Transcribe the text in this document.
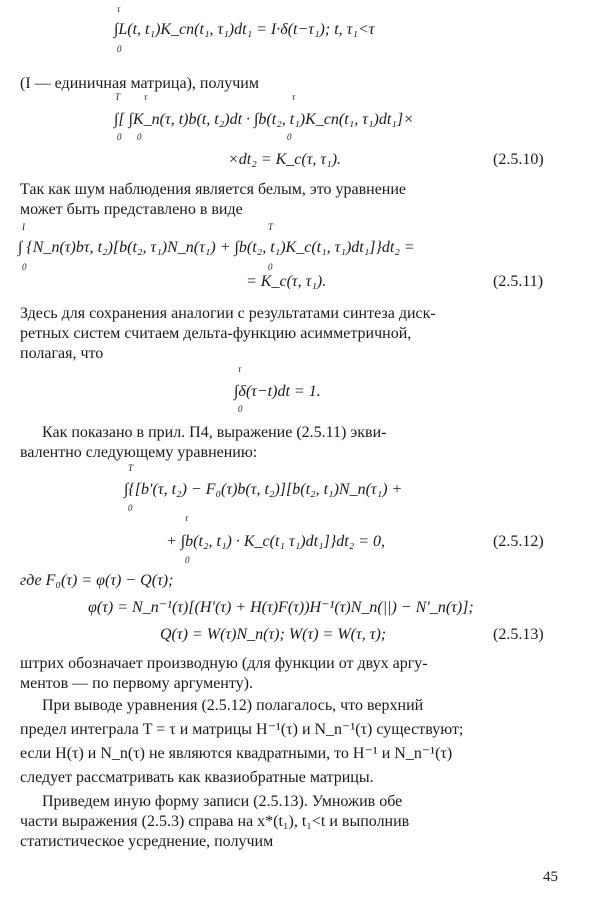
τ
0
∫L(t, t₁)K_cn(t₁, τ₁)dt₁ = I·δ(t−τ₁); t, τ₁<τ
(I — единичная матрица), получим
T
0
τ
0
τ
0
∫[ ∫K_n(τ, t)b(t, t₂)dt · ∫b(t₂, t₁)K_cn(t₁, τ₁)dt₁]×
×dt₂ = K_c(τ, τ₁).	(2.5.10)
Так как шум наблюдения является белым, это уравнение
может быть представлено в виде
I
0
T
0
∫ {N_n(τ)bτ, t₂)[b(t₂, τ₁)N_n(τ₁) + ∫b(t₂, t₁)K_c(t₁, τ₁)dt₁]}dt₂ =
= K_c(τ, τ₁).	(2.5.11)
Здесь для сохранения аналогии с результатами синтеза диск-
ретных систем считаем дельта-функцию асимметричной,
полагая, что
τ
0
∫δ(τ−t)dt = 1.
Как показано в прил. П4, выражение (2.5.11) экви-
валентно следующему уравнению:
T
0
τ
0
∫{[b′(τ, t₂) − F₀(τ)b(τ, t₂)][b(t₂, t₁)N_n(τ₁) +
+ ∫b(t₂, t₁) · K_c(t₁ τ₁)dt₁]}dt₂ = 0,	(2.5.12)
где F₀(τ) = φ(τ) − Q(τ);
φ(τ) = N_n⁻¹(τ)[(H′(τ) + H(τ)F(τ))H⁻¹(τ)N_n(||) − N′_n(τ)];
Q(τ) = W(τ)N_n(τ); W(τ) = W(τ, τ);	(2.5.13)
штрих обозначает производную (для функции от двух аргу-
ментов — по первому аргументу).
При выводе уравнения (2.5.12) полагалось, что верхний
предел интеграла T = τ и матрицы H⁻¹(τ) и N_n⁻¹(τ) существуют;
если H(τ) и N_n(τ) не являются квадратными, то H⁻¹ и N_n⁻¹(τ)
следует рассматривать как квазиобратные матрицы.
Приведем иную форму записи (2.5.13). Умножив обе
части выражения (2.5.3) справа на x*(t₁), t₁<t и выполнив
статистическое усреднение, получим
45
